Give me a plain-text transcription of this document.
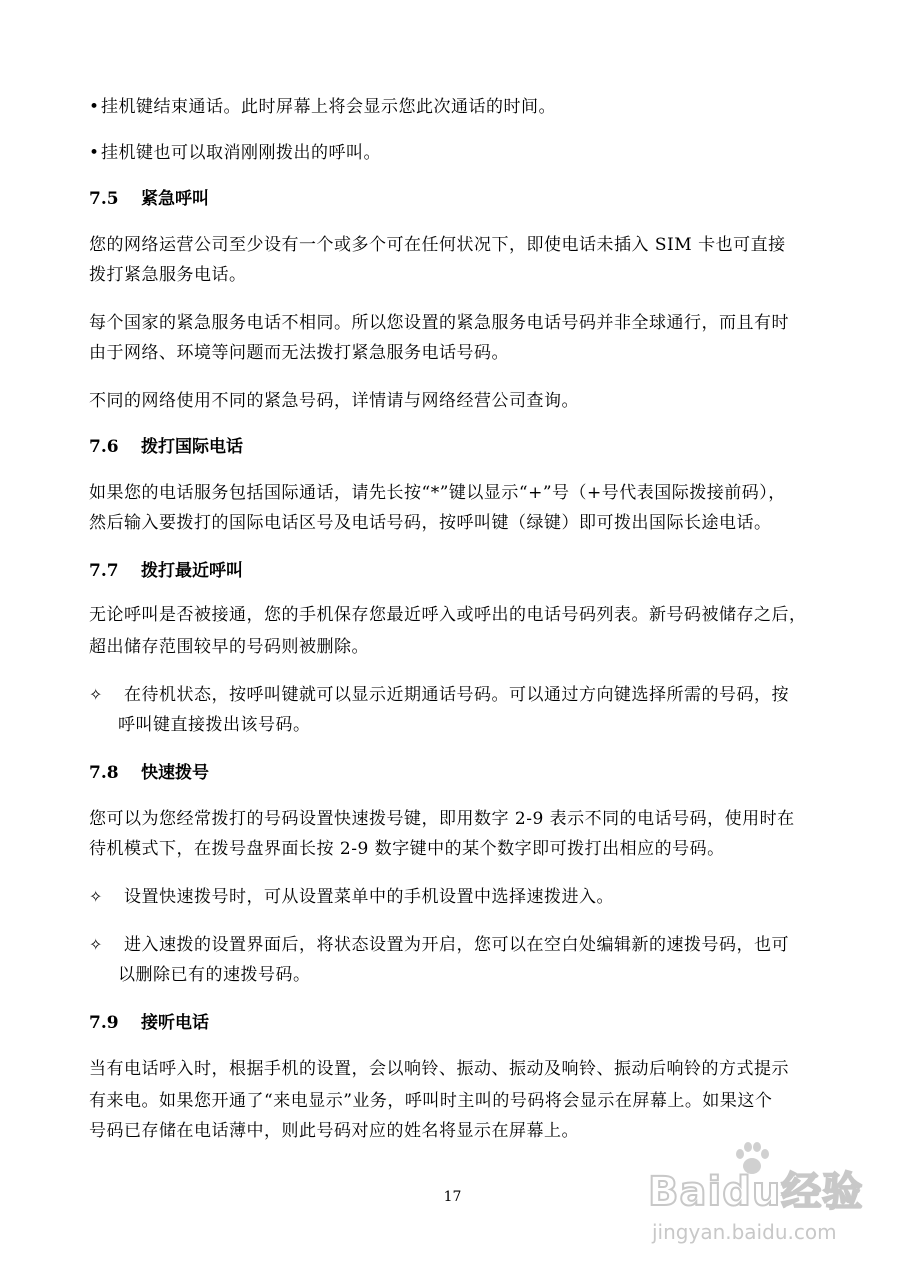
•挂机键结束通话。此时屏幕上将会显示您此次通话的时间。
•挂机键也可以取消刚刚拨出的呼叫。
7.5 紧急呼叫
您的网络运营公司至少设有一个或多个可在任何状况下，即使电话未插入 SIM 卡也可直接
拨打紧急服务电话。
每个国家的紧急服务电话不相同。所以您设置的紧急服务电话号码并非全球通行，而且有时
由于网络、环境等问题而无法拨打紧急服务电话号码。
不同的网络使用不同的紧急号码，详情请与网络经营公司查询。
7.6 拨打国际电话
如果您的电话服务包括国际通话，请先长按“*”键以显示“+”号（+号代表国际拨接前码），
然后输入要拨打的国际电话区号及电话号码，按呼叫键（绿键）即可拨出国际长途电话。
7.7 拨打最近呼叫
无论呼叫是否被接通，您的手机保存您最近呼入或呼出的电话号码列表。新号码被储存之后，
超出储存范围较早的号码则被删除。
✧ 在待机状态，按呼叫键就可以显示近期通话号码。可以通过方向键选择所需的号码，按
呼叫键直接拨出该号码。
7.8 快速拨号
您可以为您经常拨打的号码设置快速拨号键，即用数字 2-9 表示不同的电话号码，使用时在
待机模式下，在拨号盘界面长按 2-9 数字键中的某个数字即可拨打出相应的号码。
✧ 设置快速拨号时，可从设置菜单中的手机设置中选择速拨进入。
✧ 进入速拨的设置界面后，将状态设置为开启，您可以在空白处编辑新的速拨号码，也可
以删除已有的速拨号码。
7.9 接听电话
当有电话呼入时，根据手机的设置，会以响铃、振动、振动及响铃、振动后响铃的方式提示
有来电。如果您开通了“来电显示”业务，呼叫时主叫的号码将会显示在屏幕上。如果这个
号码已存储在电话薄中，则此号码对应的姓名将显示在屏幕上。
17	Baidu经验
jingyan.baidu.com
